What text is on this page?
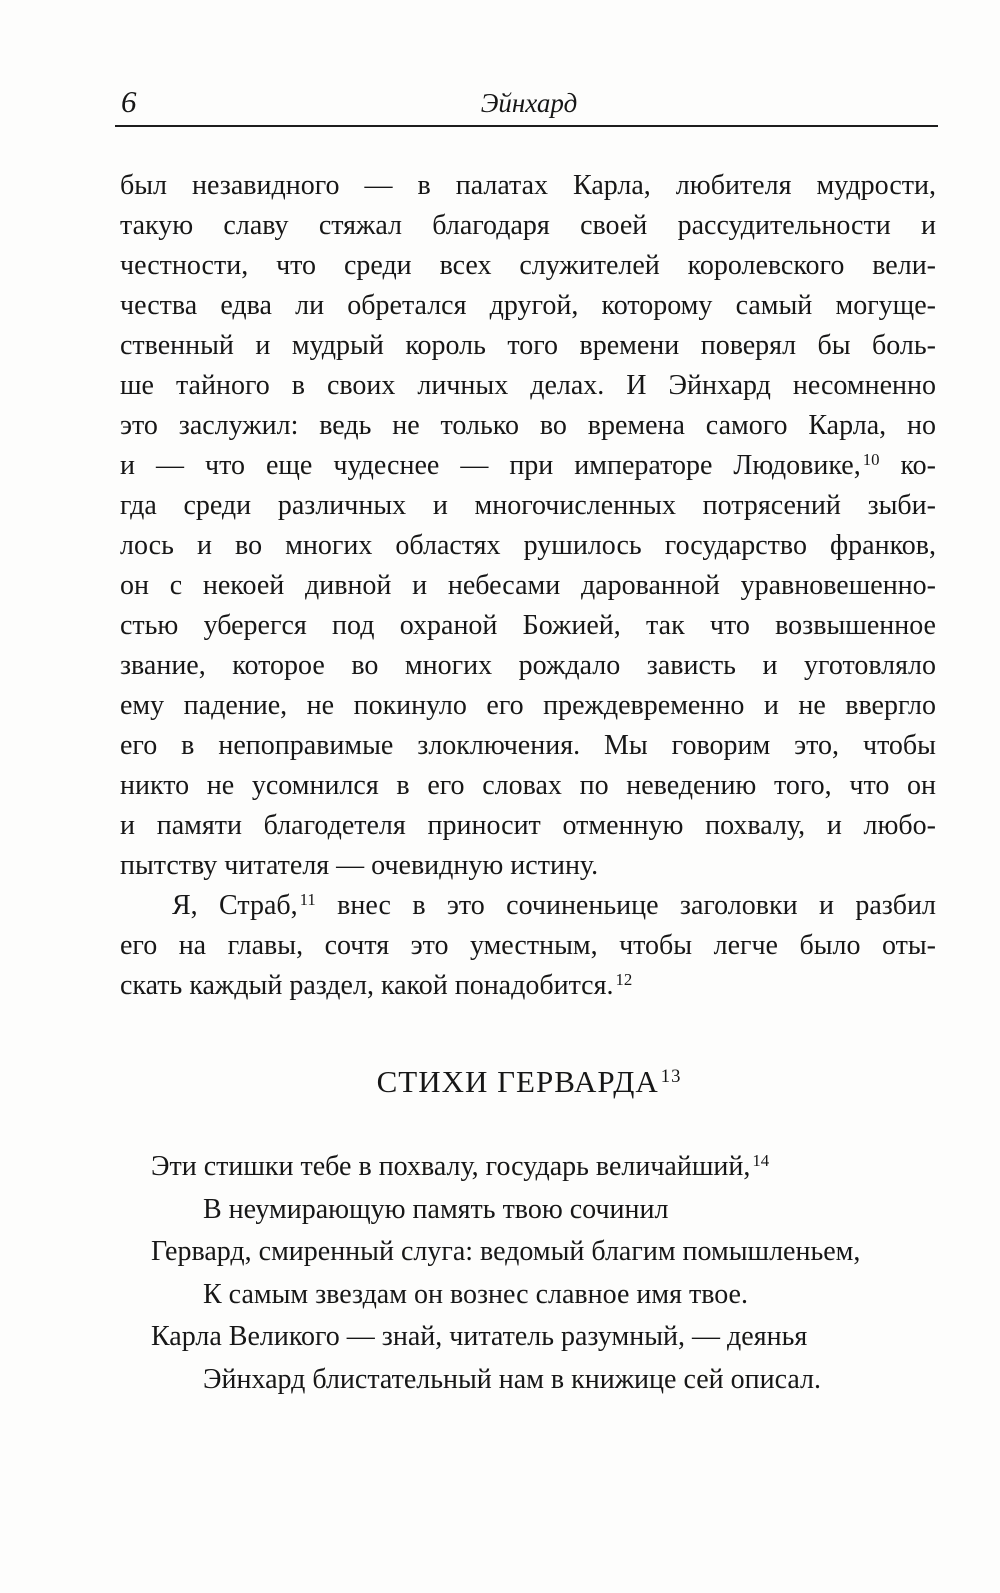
6	Эйнхард
был незавидного — в палатах Карла, любителя мудрости,
такую славу стяжал благодаря своей рассудительности и
честности, что среди всех служителей королевского вели-
чества едва ли обретался другой, которому самый могуще-
ственный и мудрый король того времени поверял бы боль-
ше тайного в своих личных делах. И Эйнхард несомненно
это заслужил: ведь не только во времена самого Карла, но
и — что еще чудеснее — при императоре Людовике, $^{10}$ ко-
гда среди различных и многочисленных потрясений зыби-
лось и во многих областях рушилось государство франков,
он с некоей дивной и небесами дарованной уравновешенно-
стью уберегся под охраной Божией, так что возвышенное
звание, которое во многих рождало зависть и уготовляло
ему падение, не покинуло его преждевременно и не ввергло
его в непоправимые злоключения. Мы говорим это, чтобы
никто не усомнился в его словах по неведению того, что он
и памяти благодетеля приносит отменную похвалу, и любо-
пытству читателя — очевидную истину.
Я, Страб, $^{11}$ внес в это сочиненьице заголовки и разбил
его на главы, сочтя это уместным, чтобы легче было оты-
скать каждый раздел, какой понадобится. $^{12}$
СТИХИ ГЕРВАРДА $^{13}$
Эти стишки тебе в похвалу, государь величайший, $^{14}$
В неумирающую память твою сочинил
Гервард, смиренный слуга: ведомый благим помышленьем,
К самым звездам он вознес славное имя твое.
Карла Великого — знай, читатель разумный, — деянья
Эйнхард блистательный нам в книжице сей описал.
